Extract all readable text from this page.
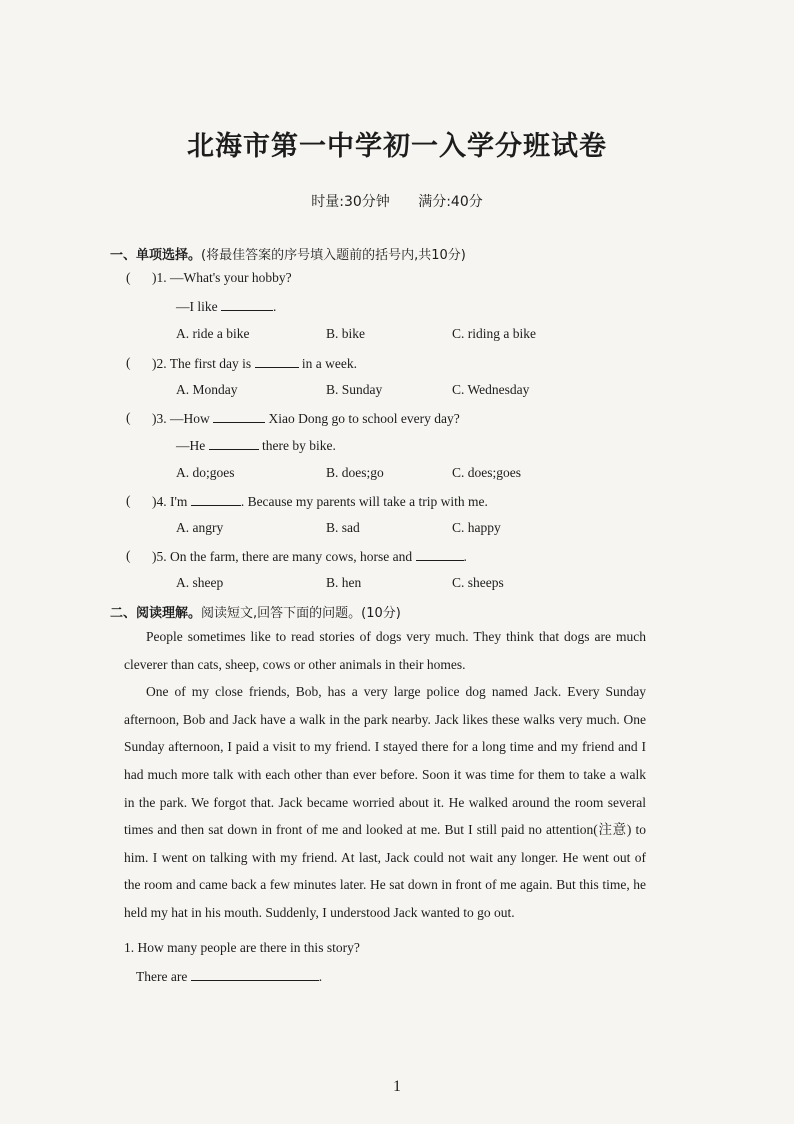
北海市第一中学初一入学分班试卷
时量:30分钟 满分:40分
一、单项选择。(将最佳答案的序号填入题前的括号内,共10分)
( )1. —What's your hobby?
—I like	.
A. ride a bike	B. bike	C. riding a bike
( )2. The first day is	in a week.
A. Monday	B. Sunday	C. Wednesday
( )3. —How	Xiao Dong go to school every day?
—He	there by bike.
A. do;goes	B. does;go	C. does;goes
( )4. I'm	. Because my parents will take a trip with me.
A. angry	B. sad	C. happy
( )5. On the farm, there are many cows, horse and	.
A. sheep	B. hen	C. sheeps
二、阅读理解。阅读短文,回答下面的问题。(10分)

People sometimes like to read stories of dogs very much. They think that dogs are much cleverer than cats, sheep, cows or other animals in their homes.

One of my close friends, Bob, has a very large police dog named Jack. Every Sunday afternoon, Bob and Jack have a walk in the park nearby. Jack likes these walks very much. One Sunday afternoon, I paid a visit to my friend. I stayed there for a long time and my friend and I had much more talk with each other than ever before. Soon it was time for them to take a walk in the park. We forgot that. Jack became worried about it. He walked around the room several times and then sat down in front of me and looked at me. But I still paid no attention(注意) to him. I went on talking with my friend. At last, Jack could not wait any longer. He went out of the room and came back a few minutes later. He sat down in front of me again. But this time, he held my hat in his mouth. Suddenly, I understood Jack wanted to go out.

1. How many people are there in this story?
There are	.
1
